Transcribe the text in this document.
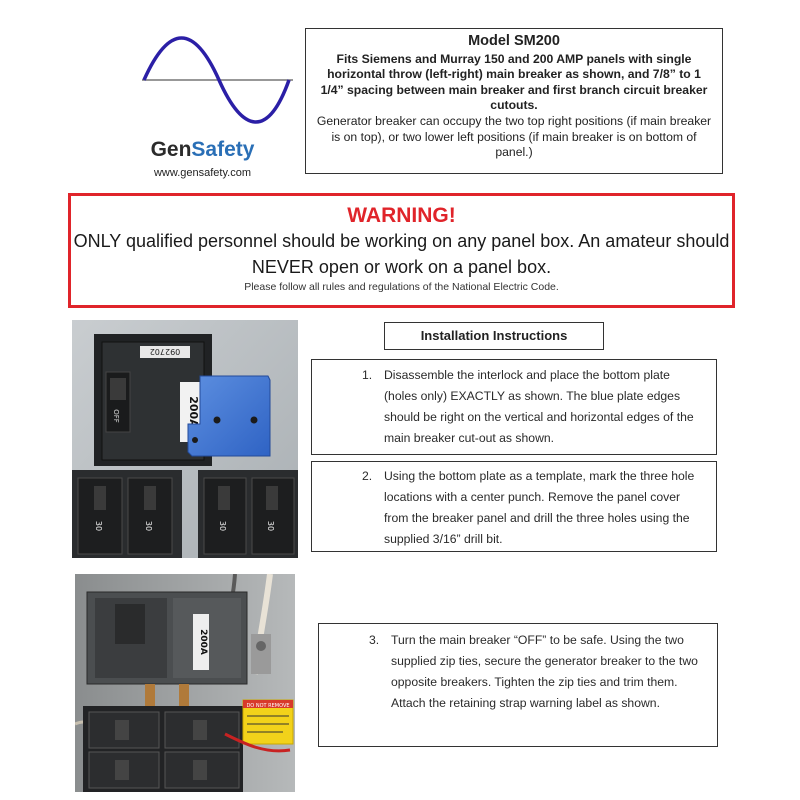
GenSafety
www.gensafety.com
Model SM200
Fits Siemens and Murray 150 and 200 AMP panels with single horizontal throw (left-right) main breaker as shown, and 7/8” to 1 1/4” spacing between main breaker and first branch circuit breaker cutouts.
Generator breaker can occupy the two top right positions (if main breaker is on top), or two lower left positions (if main breaker is on bottom of panel.)
WARNING!
ONLY qualified personnel should be working on any panel box. An amateur should NEVER open or work on a panel box.
Please follow all rules and regulations of the National Electric Code.
092702
OFF	200A
30	30	30	30
200A
DO NOT REMOVE
Installation Instructions
1. Disassemble the interlock and place the bottom plate (holes only) EXACTLY as shown. The blue plate edges should be right on the vertical and horizontal edges of the main breaker cut-out as shown.
2. Using the bottom plate as a template, mark the three hole locations with a center punch. Remove the panel cover from the breaker panel and drill the three holes using the supplied 3/16” drill bit.
3. Turn the main breaker “OFF” to be safe. Using the two supplied zip ties, secure the generator breaker to the two opposite breakers. Tighten the zip ties and trim them. Attach the retaining strap warning label as shown.
